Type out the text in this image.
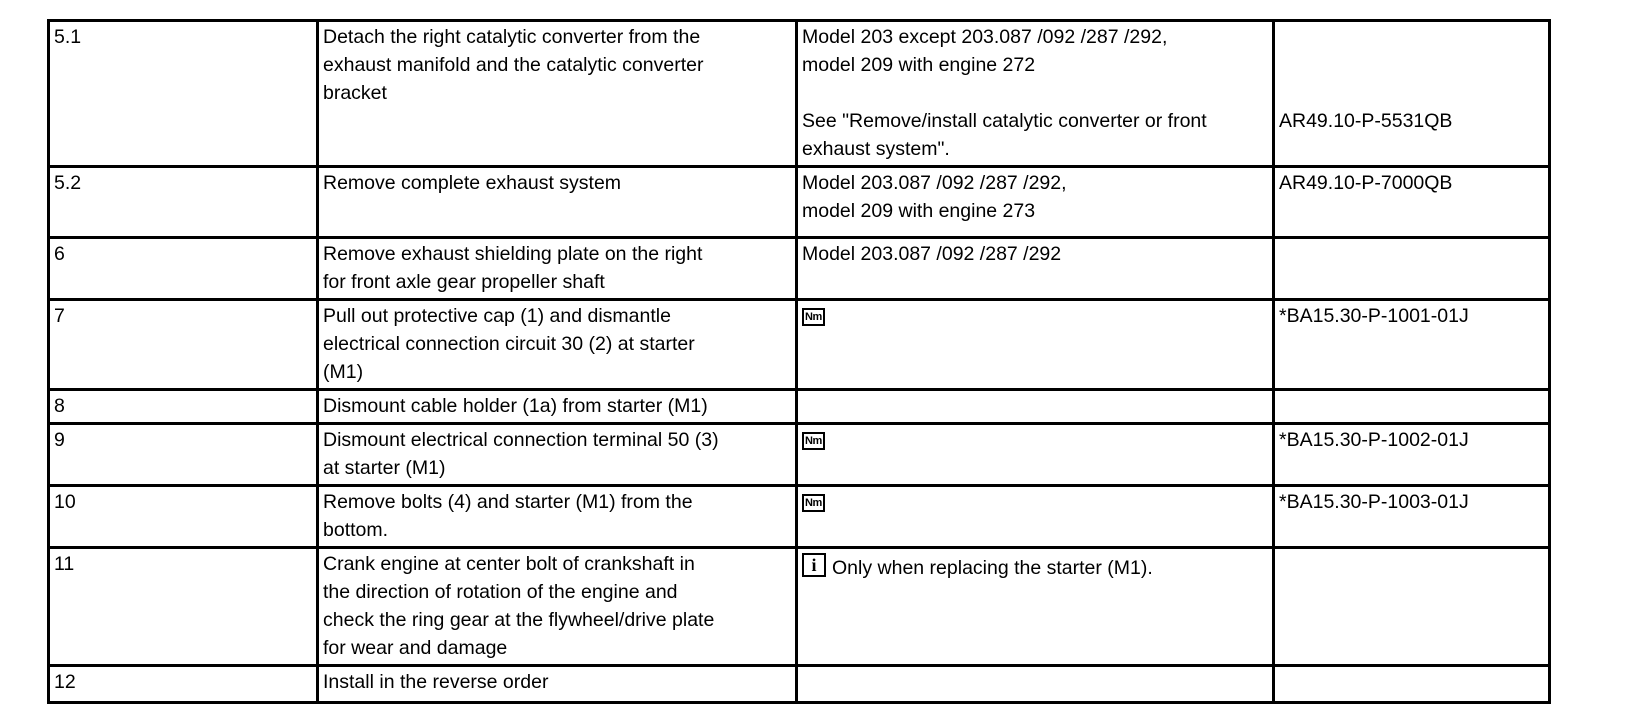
5.1	Detach the right catalytic converter from the
exhaust manifold and the catalytic converter
bracket	Model 203 except 203.087 /092 /287 /292,
model 209 with engine 272
See "Remove/install catalytic converter or front
exhaust system".	AR49.10-P-5531QB
5.2	Remove complete exhaust system	Model 203.087 /092 /287 /292,
model 209 with engine 273	AR49.10-P-7000QB
6	Remove exhaust shielding plate on the right
for front axle gear propeller shaft	Model 203.087 /092 /287 /292	

7	Pull out protective cap (1) and dismantle
electrical connection circuit 30 (2) at starter
(M1)	Nm	*BA15.30-P-1001-01J
8	Dismount cable holder (1a) from starter (M1)		

9	Dismount electrical connection terminal 50 (3)
at starter (M1)	Nm	*BA15.30-P-1002-01J
10	Remove bolts (4) and starter (M1) from the
bottom.	Nm	*BA15.30-P-1003-01J
11	Crank engine at center bolt of crankshaft in
the direction of rotation of the engine and
check the ring gear at the flywheel/drive plate
for wear and damage	i Only when replacing the starter (M1).	
12	Install in the reverse order		
